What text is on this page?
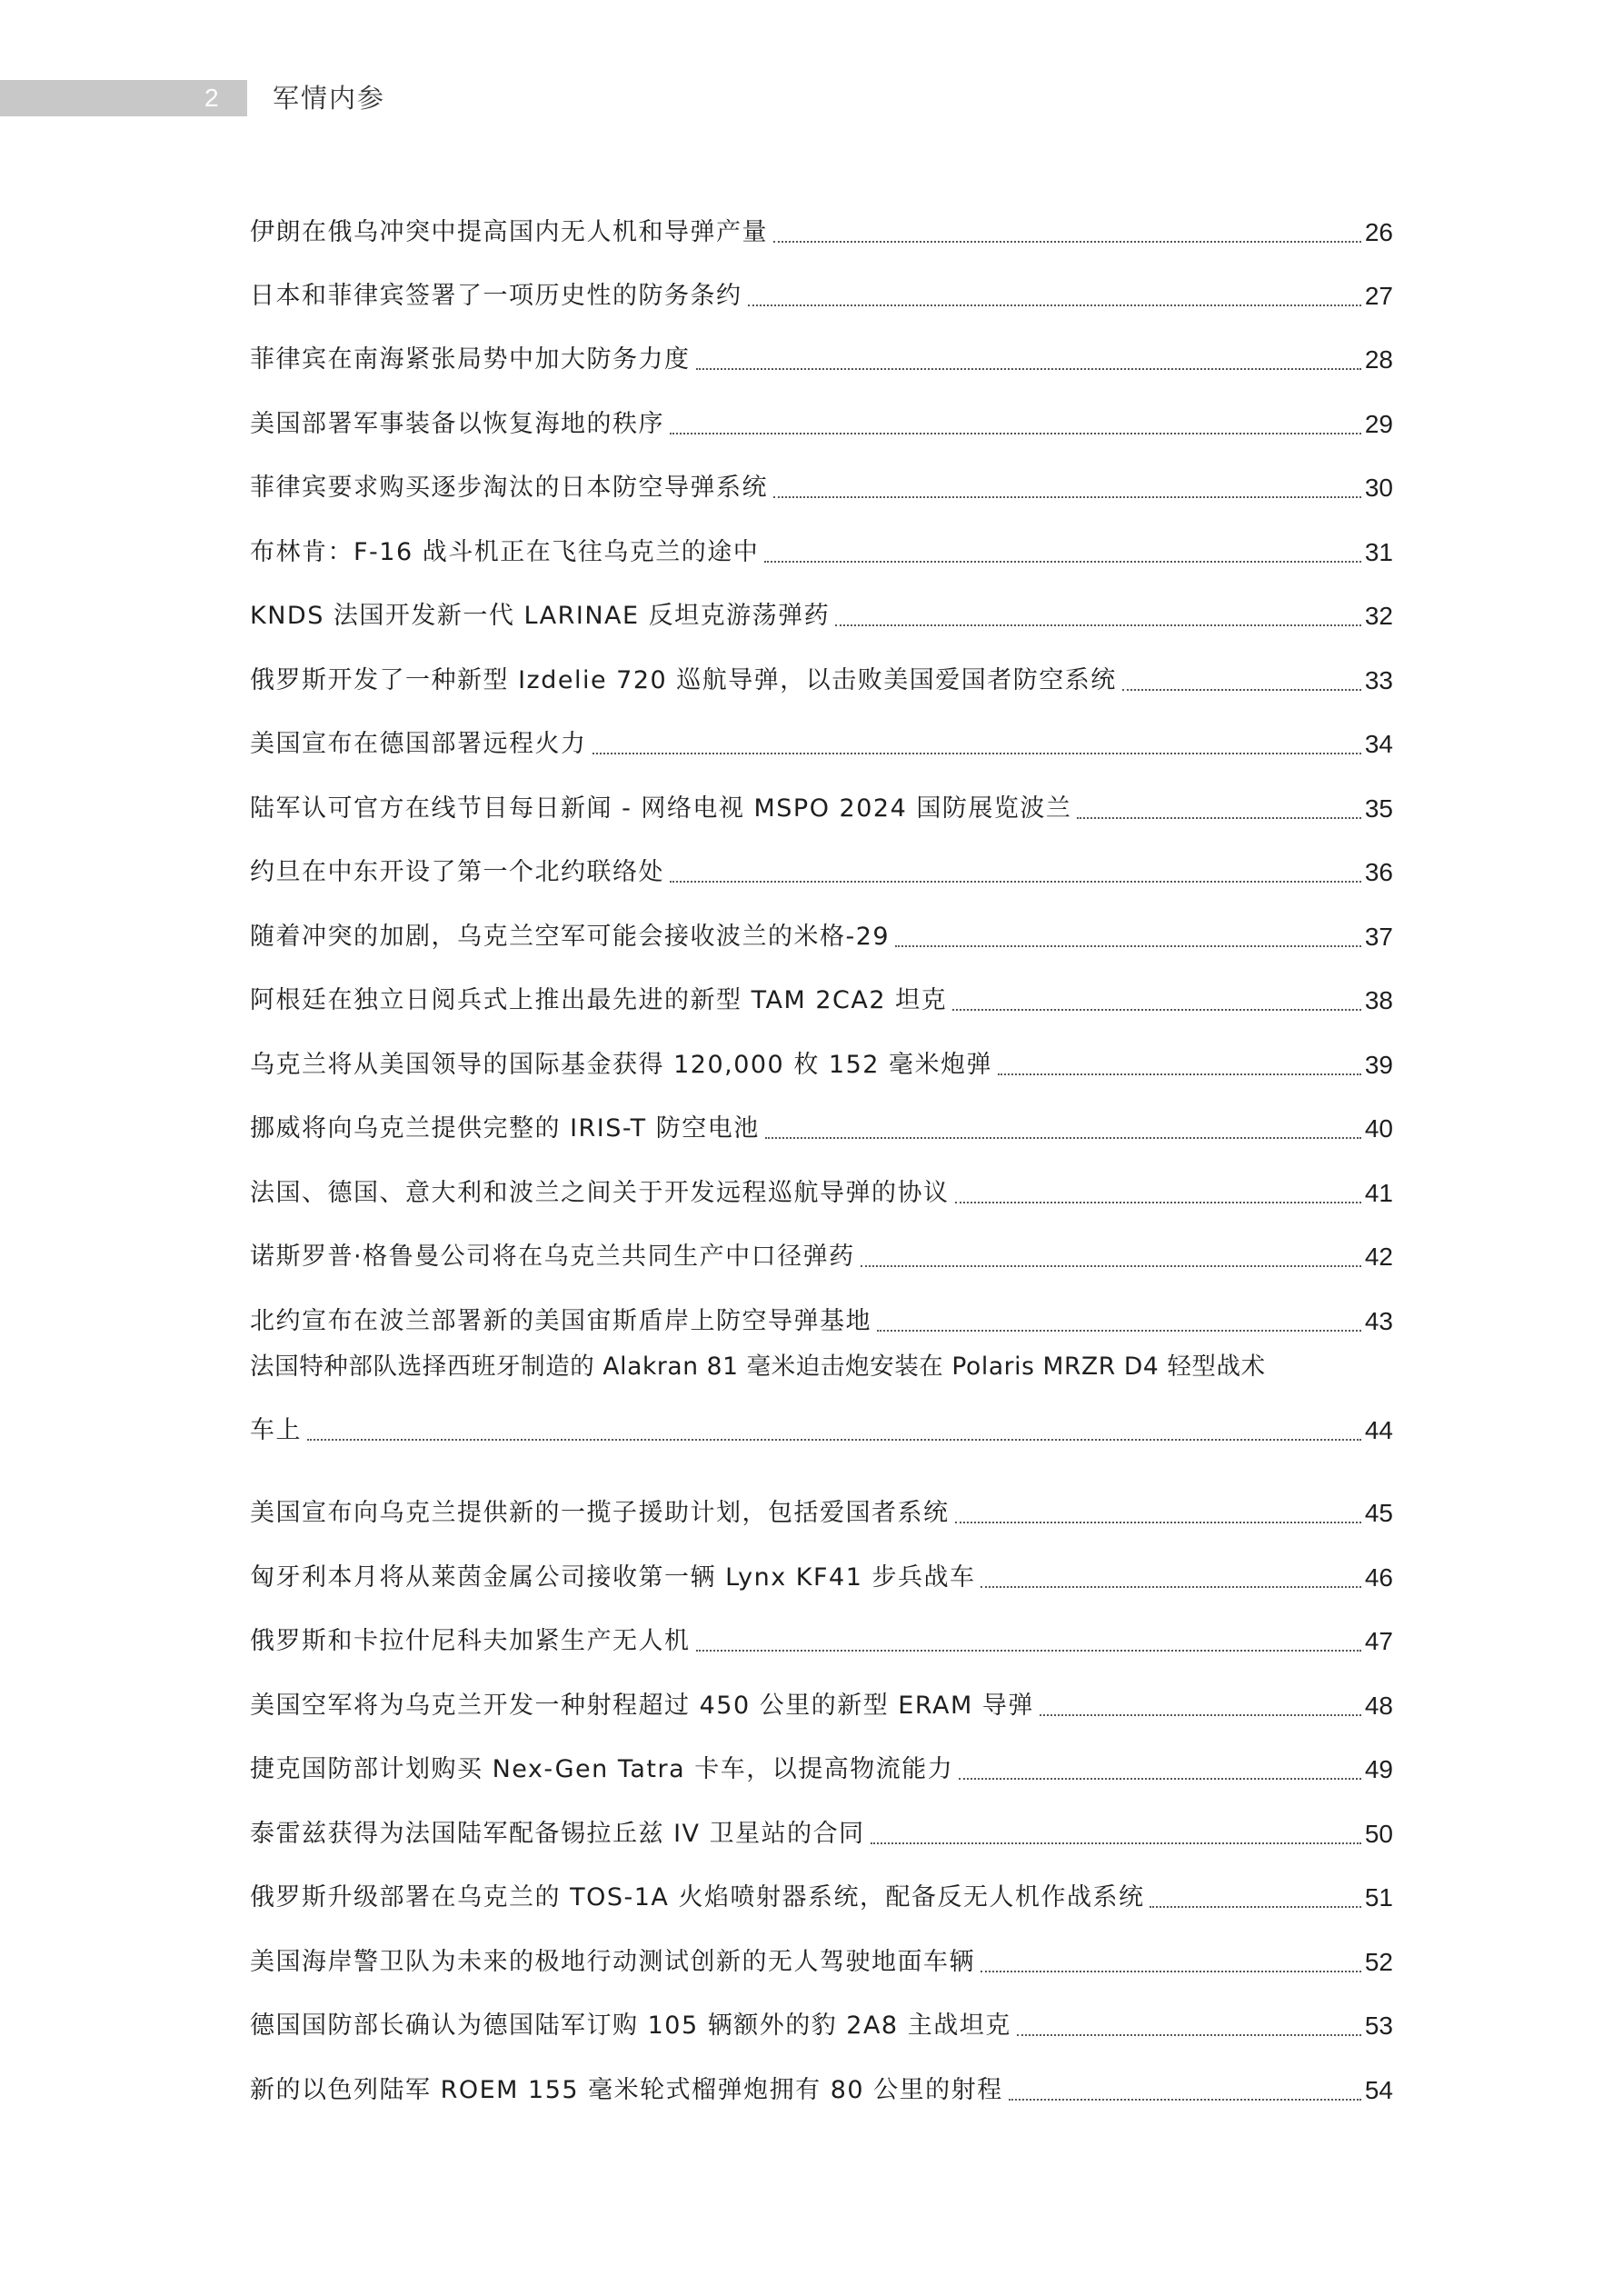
2 军情内参
伊朗在俄乌冲突中提高国内无人机和导弹产量	26
日本和菲律宾签署了一项历史性的防务条约	27
菲律宾在南海紧张局势中加大防务力度	28
美国部署军事装备以恢复海地的秩序	29
菲律宾要求购买逐步淘汰的日本防空导弹系统	30
布林肯：F-16 战斗机正在飞往乌克兰的途中	31
KNDS 法国开发新一代 LARINAE 反坦克游荡弹药	32
俄罗斯开发了一种新型 Izdelie 720 巡航导弹，以击败美国爱国者防空系统	33
美国宣布在德国部署远程火力	34
陆军认可官方在线节目每日新闻 - 网络电视 MSPO 2024 国防展览波兰	35
约旦在中东开设了第一个北约联络处	36
随着冲突的加剧，乌克兰空军可能会接收波兰的米格-29	37
阿根廷在独立日阅兵式上推出最先进的新型 TAM 2CA2 坦克	38
乌克兰将从美国领导的国际基金获得 120,000 枚 152 毫米炮弹	39
挪威将向乌克兰提供完整的 IRIS-T 防空电池	40
法国、德国、意大利和波兰之间关于开发远程巡航导弹的协议	41
诺斯罗普·格鲁曼公司将在乌克兰共同生产中口径弹药	42
北约宣布在波兰部署新的美国宙斯盾岸上防空导弹基地	43
法国特种部队选择西班牙制造的 Alakran 81 毫米迫击炮安装在 Polaris MRZR D4 轻型战术
车上	44
美国宣布向乌克兰提供新的一揽子援助计划，包括爱国者系统	45
匈牙利本月将从莱茵金属公司接收第一辆 Lynx KF41 步兵战车	46
俄罗斯和卡拉什尼科夫加紧生产无人机	47
美国空军将为乌克兰开发一种射程超过 450 公里的新型 ERAM 导弹	48
捷克国防部计划购买 Nex-Gen Tatra 卡车，以提高物流能力	49
泰雷兹获得为法国陆军配备锡拉丘兹 IV 卫星站的合同	50
俄罗斯升级部署在乌克兰的 TOS-1A 火焰喷射器系统，配备反无人机作战系统	51
美国海岸警卫队为未来的极地行动测试创新的无人驾驶地面车辆	52
德国国防部长确认为德国陆军订购 105 辆额外的豹 2A8 主战坦克	53
新的以色列陆军 ROEM 155 毫米轮式榴弹炮拥有 80 公里的射程	54
